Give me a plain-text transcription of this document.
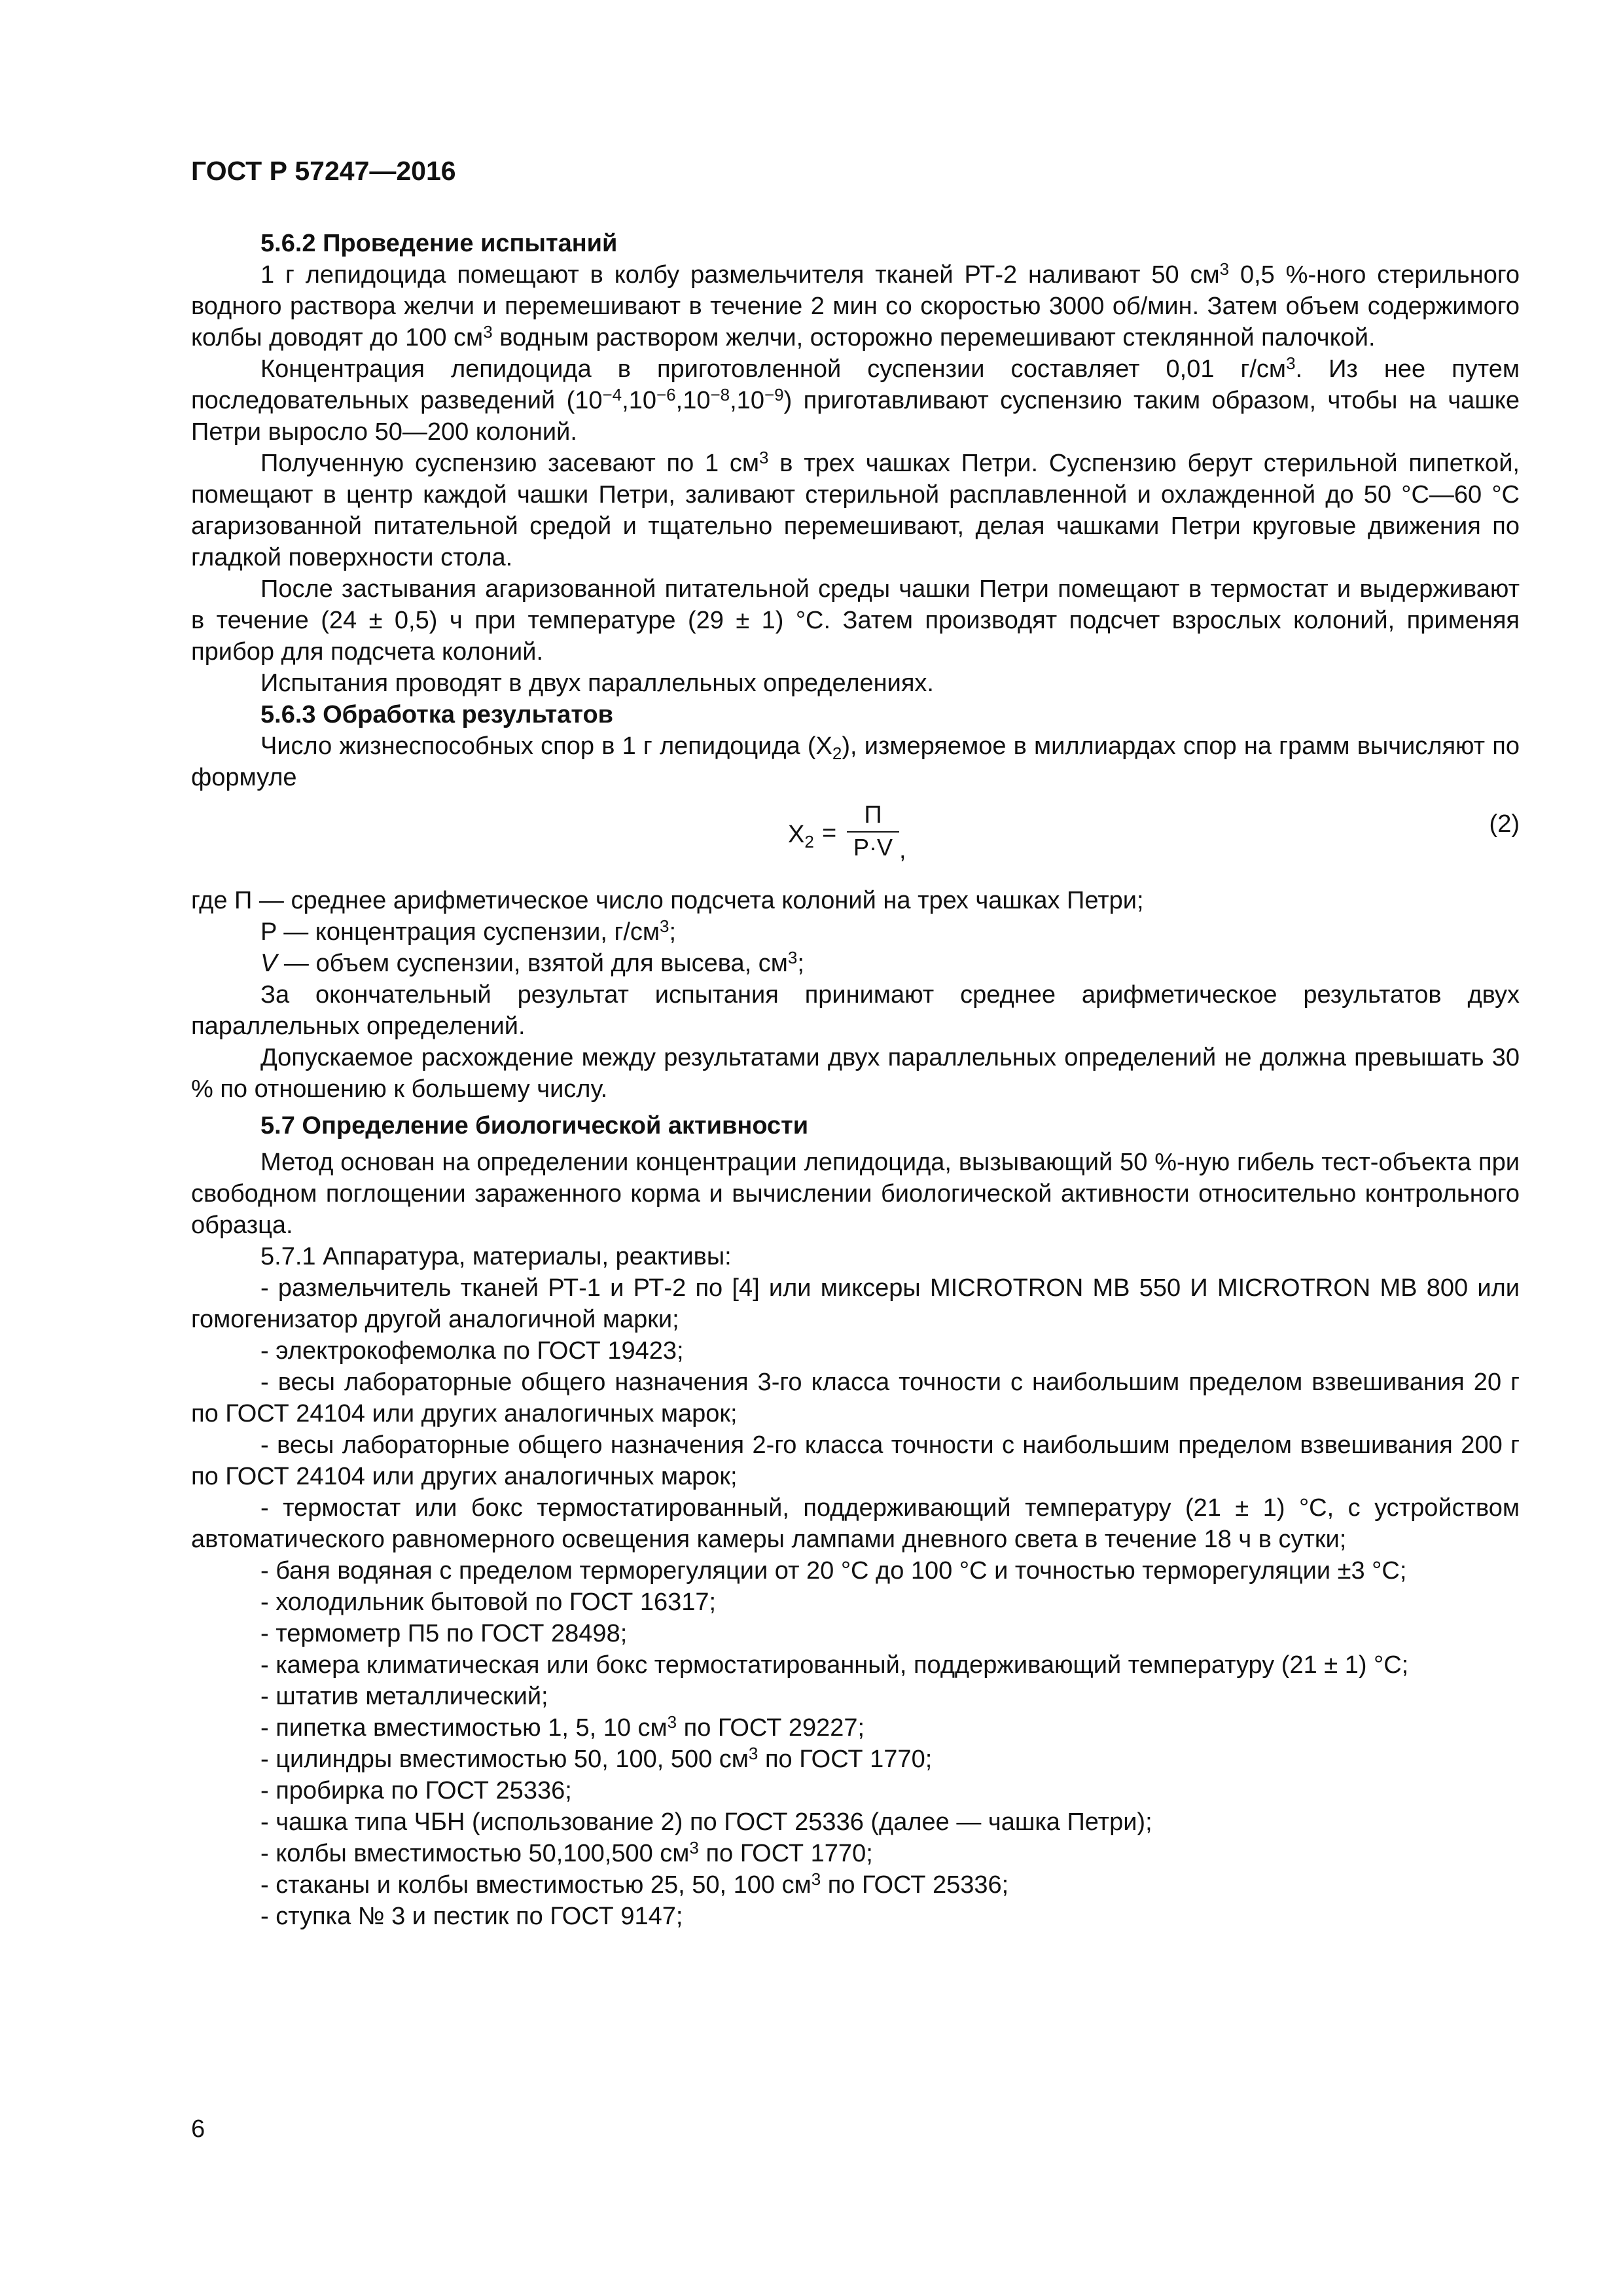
ГОСТ Р 57247—2016

5.6.2 Проведение испытаний

1 г лепидоцида помещают в колбу размельчителя тканей РТ-2 наливают 50 $см^3$ 0,5 %-ного стерильного водного раствора желчи и перемешивают в течение 2 мин со скоростью 3000 об/мин. Затем объем содержимого колбы доводят до 100 $см^3$ водным раствором желчи, осторожно перемешивают стеклянной палочкой.

Концентрация лепидоцида в приготовленной суспензии составляет 0,01 $г/см^3$. Из нее путем последовательных разведений $(10^{-4},10^{-6},10^{-8},10^{-9})$ приготавливают суспензию таким образом, чтобы на чашке Петри выросло 50—200 колоний.

Полученную суспензию засевают по 1 $см^3$ в трех чашках Петри. Суспензию берут стерильной пипеткой, помещают в центр каждой чашки Петри, заливают стерильной расплавленной и охлажденной до 50 °С—60 °С агаризованной питательной средой и тщательно перемешивают, делая чашками Петри круговые движения по гладкой поверхности стола.

После застывания агаризованной питательной среды чашки Петри помещают в термостат и выдерживают в течение (24 ± 0,5) ч при температуре (29 ± 1) °С. Затем производят подсчет взрослых колоний, применяя прибор для подсчета колоний.

Испытания проводят в двух параллельных определениях.

5.6.3 Обработка результатов

Число жизнеспособных спор в 1 г лепидоцида $(X_2)$, измеряемое в миллиардах спор на грамм вычисляют по формуле

$X_2$ =
П
P·V ,
(2)

где П — среднее арифметическое число подсчета колоний на трех чашках Петри;

P — концентрация суспензии, $г/см^3$;

V — объем суспензии, взятой для высева, $см^3$;

За окончательный результат испытания принимают среднее арифметическое результатов двух параллельных определений.

Допускаемое расхождение между результатами двух параллельных определений не должна превышать 30 % по отношению к большему числу.

5.7 Определение биологической активности

Метод основан на определении концентрации лепидоцида, вызывающий 50 %-ную гибель тест-объекта при свободном поглощении зараженного корма и вычислении биологической активности относительно контрольного образца.

5.7.1 Аппаратура, материалы, реактивы:

- размельчитель тканей РТ-1 и РТ-2 по [4] или миксеры MICROTRON MB 550 И MICROTRON MB 800 или гомогенизатор другой аналогичной марки;

- электрокофемолка по ГОСТ 19423;

- весы лабораторные общего назначения 3-го класса точности с наибольшим пределом взвешивания 20 г по ГОСТ 24104 или других аналогичных марок;

- весы лабораторные общего назначения 2-го класса точности с наибольшим пределом взвешивания 200 г по ГОСТ 24104 или других аналогичных марок;

- термостат или бокс термостатированный, поддерживающий температуру (21 ± 1) °С, с устройством автоматического равномерного освещения камеры лампами дневного света в течение 18 ч в сутки;

- баня водяная с пределом терморегуляции от 20 °С до 100 °С и точностью терморегуляции ±3 °С;

- холодильник бытовой по ГОСТ 16317;

- термометр П5 по ГОСТ 28498;

- камера климатическая или бокс термостатированный, поддерживающий температуру (21 ± 1) °С;

- штатив металлический;

- пипетка вместимостью 1, 5, 10 $см^3$ по ГОСТ 29227;

- цилиндры вместимостью 50, 100, 500 $см^3$ по ГОСТ 1770;

- пробирка по ГОСТ 25336;

- чашка типа ЧБН (использование 2) по ГОСТ 25336 (далее — чашка Петри);

- колбы вместимостью 50,100,500 $см^3$ по ГОСТ 1770;

- стаканы и колбы вместимостью 25, 50, 100 $см^3$ по ГОСТ 25336;

- ступка № 3 и пестик по ГОСТ 9147;

6
